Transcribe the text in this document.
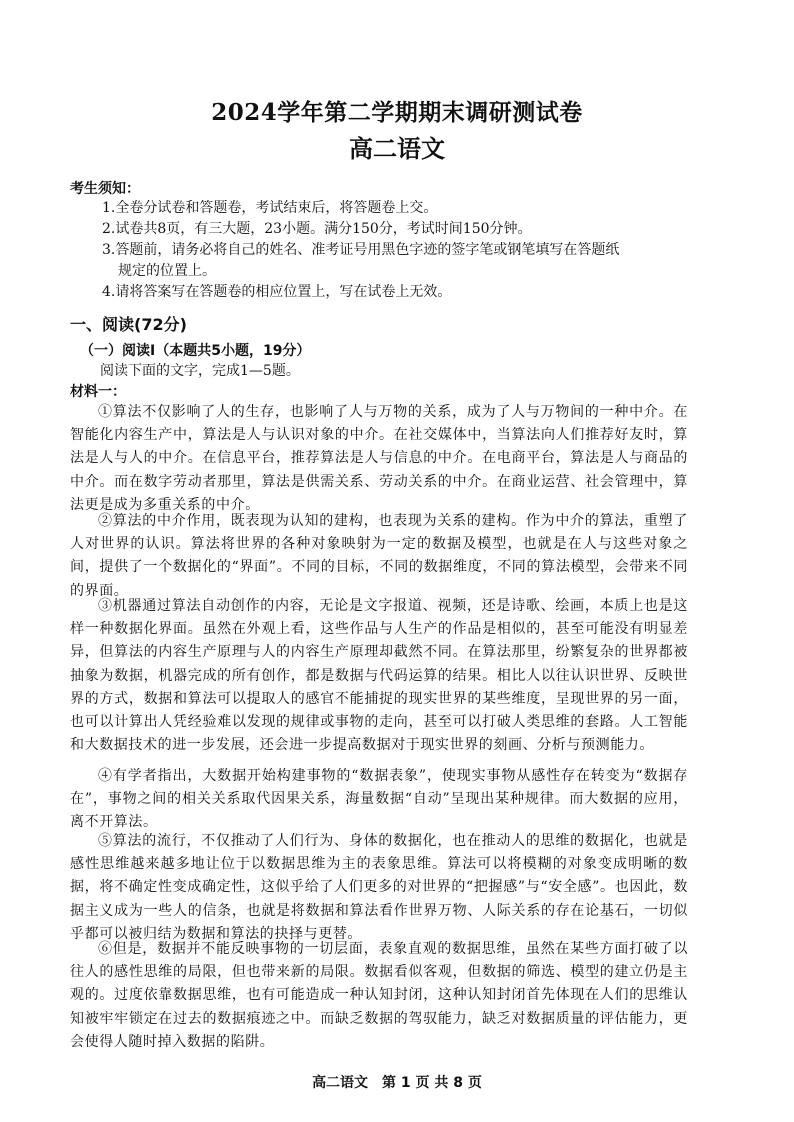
2024学年第二学期期末调研测试卷
高二语文
考生须知：
1.全卷分试卷和答题卷，考试结束后，将答题卷上交。
2.试卷共8页，有三大题，23小题。满分150分，考试时间150分钟。
3.答题前，请务必将自己的姓名、准考证号用黑色字迹的签字笔或钢笔填写在答题纸
规定的位置上。
4.请将答案写在答题卷的相应位置上，写在试卷上无效。
一、阅读(72分)
（一）阅读Ⅰ（本题共5小题，19分）
阅读下面的文字，完成1—5题。
材料一：
①算法不仅影响了人的生存，也影响了人与万物的关系，成为了人与万物间的一种中介。在智能化内容生产中，算法是人与认识对象的中介。在社交媒体中，当算法向人们推荐好友时，算法是人与人的中介。在信息平台，推荐算法是人与信息的中介。在电商平台，算法是人与商品的中介。而在数字劳动者那里，算法是供需关系、劳动关系的中介。在商业运营、社会管理中，算法更是成为多重关系的中介。
②算法的中介作用，既表现为认知的建构，也表现为关系的建构。作为中介的算法，重塑了人对世界的认识。算法将世界的各种对象映射为一定的数据及模型，也就是在人与这些对象之间，提供了一个数据化的“界面”。不同的目标，不同的数据维度，不同的算法模型，会带来不同的界面。
③机器通过算法自动创作的内容，无论是文字报道、视频，还是诗歌、绘画，本质上也是这样一种数据化界面。虽然在外观上看，这些作品与人生产的作品是相似的，甚至可能没有明显差异，但算法的内容生产原理与人的内容生产原理却截然不同。在算法那里，纷繁复杂的世界都被抽象为数据，机器完成的所有创作，都是数据与代码运算的结果。相比人以往认识世界、反映世界的方式，数据和算法可以提取人的感官不能捕捉的现实世界的某些维度，呈现世界的另一面，也可以计算出人凭经验难以发现的规律或事物的走向，甚至可以打破人类思维的套路。人工智能和大数据技术的进一步发展，还会进一步提高数据对于现实世界的刻画、分析与预测能力。
④有学者指出，大数据开始构建事物的“数据表象”，使现实事物从感性存在转变为“数据存在”，事物之间的相关关系取代因果关系，海量数据“自动”呈现出某种规律。而大数据的应用，离不开算法。
⑤算法的流行，不仅推动了人们行为、身体的数据化，也在推动人的思维的数据化，也就是感性思维越来越多地让位于以数据思维为主的表象思维。算法可以将模糊的对象变成明晰的数据，将不确定性变成确定性，这似乎给了人们更多的对世界的“把握感”与“安全感”。也因此，数据主义成为一些人的信条，也就是将数据和算法看作世界万物、人际关系的存在论基石，一切似乎都可以被归结为数据和算法的抉择与更替。
⑥但是，数据并不能反映事物的一切层面，表象直观的数据思维，虽然在某些方面打破了以往人的感性思维的局限，但也带来新的局限。数据看似客观，但数据的筛选、模型的建立仍是主观的。过度依靠数据思维，也有可能造成一种认知封闭，这种认知封闭首先体现在人们的思维认知被牢牢锁定在过去的数据痕迹之中。而缺乏数据的驾驭能力，缺乏对数据质量的评估能力，更会使得人随时掉入数据的陷阱。
高二语文　第 1 页 共 8 页
